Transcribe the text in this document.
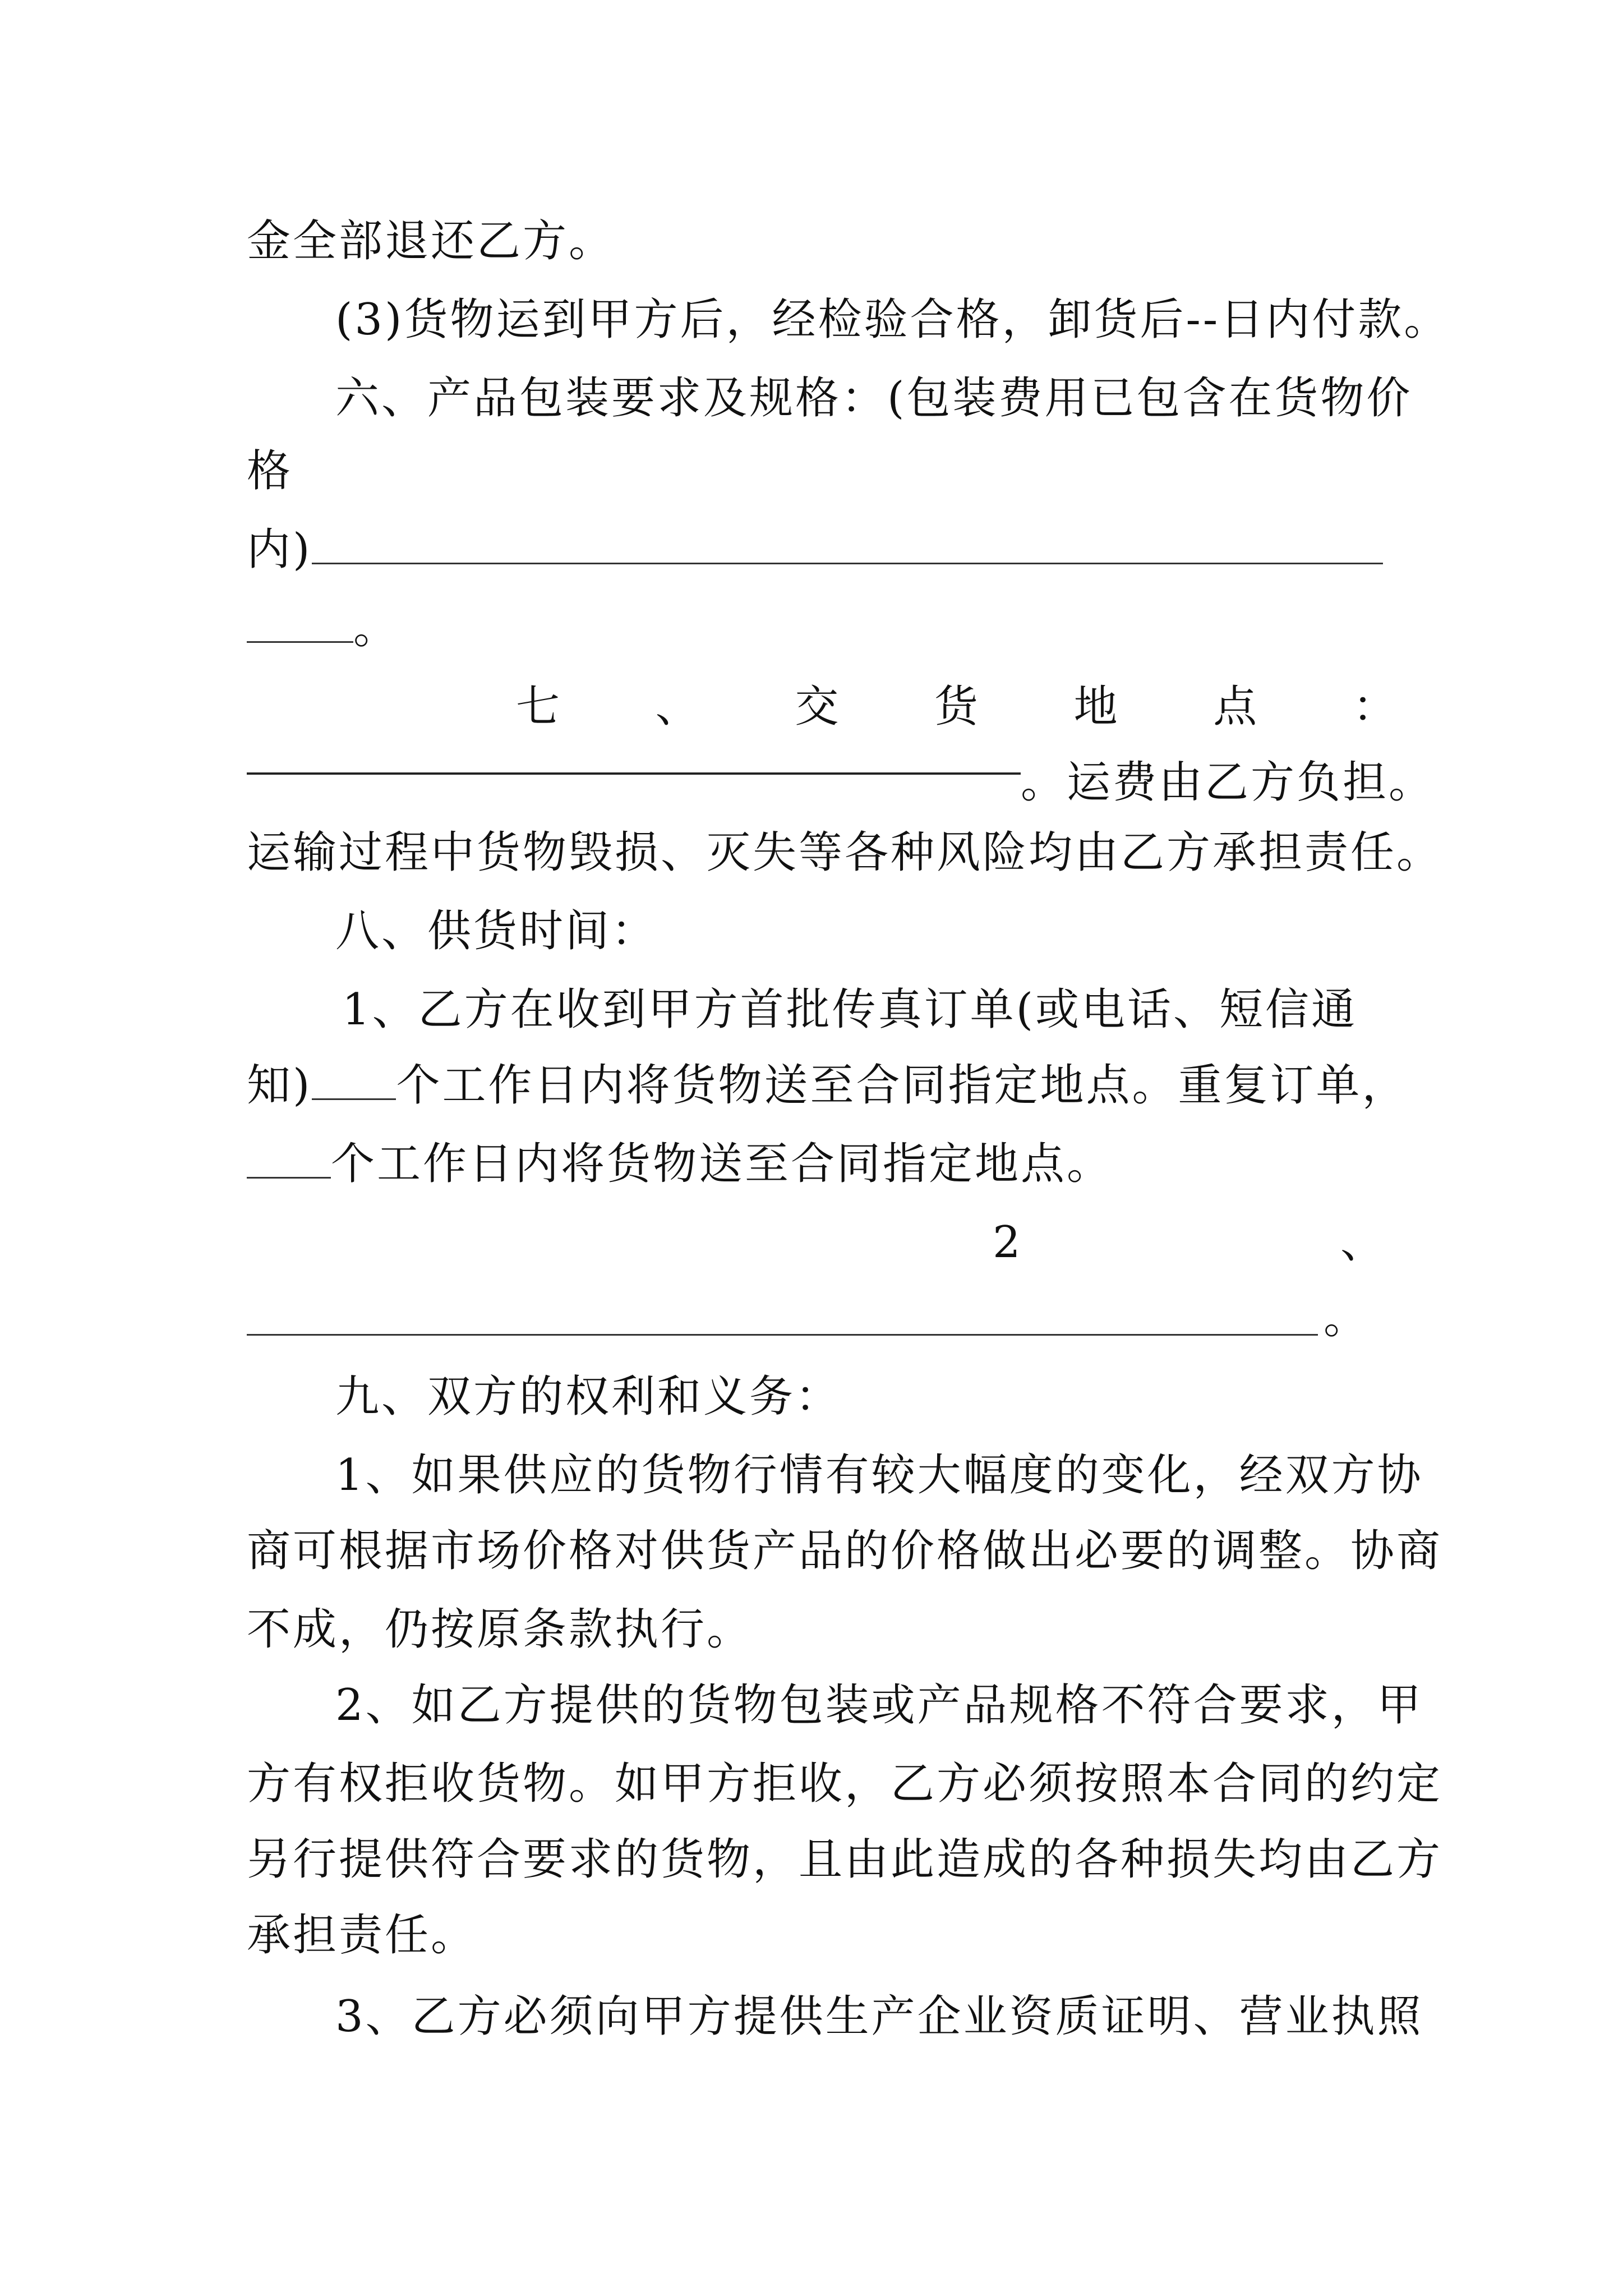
金全部退还乙方。
(3)货物运到甲方后，经检验合格，卸货后--日内付款。
六、产品包装要求及规格：(包装费用已包含在货物价
格
内)
。
七 、 交 货 地 点 ：
。运费由乙方负担。
运输过程中货物毁损、灭失等各种风险均由乙方承担责任。
八、供货时间：
1、乙方在收到甲方首批传真订单(或电话、短信通
知) 个工作日内将货物送至合同指定地点。重复订单，
个工作日内将货物送至合同指定地点。
2	、
。
九、双方的权利和义务：
1、如果供应的货物行情有较大幅度的变化，经双方协
商可根据市场价格对供货产品的价格做出必要的调整。协商
不成，仍按原条款执行。
2、如乙方提供的货物包装或产品规格不符合要求，甲
方有权拒收货物。如甲方拒收，乙方必须按照本合同的约定
另行提供符合要求的货物，且由此造成的各种损失均由乙方
承担责任。
3、乙方必须向甲方提供生产企业资质证明、营业执照
